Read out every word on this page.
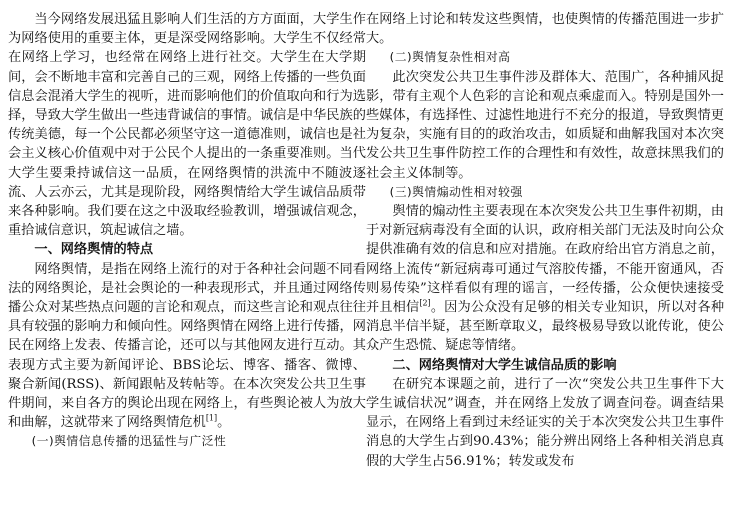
当今网络发展迅猛且影响人们生活的方方面面，大学生作为网络使用的重要主体，更是深受网络影响。大学生不仅经常在网络上学习，也经常在网络上进行社交。大学生在大学期间，会不断地丰富和完善自己的三观，网络上传播的一些负面信息会混淆大学生的视听，进而影响他们的价值取向和行为选择，导致大学生做出一些违背诚信的事情。诚信是中华民族的传统美德，每一个公民都必须坚守这一道德准则，诚信也是社会主义核心价值观中对于公民个人提出的一条重要准则。当代大学生要秉持诚信这一品质，在网络舆情的洪流中不随波逐流、人云亦云，尤其是现阶段，网络舆情给大学生诚信品质带来各种影响。我们要在这之中汲取经验教训，增强诚信观念，重拾诚信意识，筑起诚信之墙。

一、网络舆情的特点

网络舆情，是指在网络上流行的对于各种社会问题不同看法的网络舆论，是社会舆论的一种表现形式，并且通过网络传播公众对某些热点问题的言论和观点，而这些言论和观点往往具有较强的影响力和倾向性。网络舆情在网络上进行传播，网民在网络上发表、传播言论，还可以与其他网友进行互动。其表现方式主要为新闻评论、BBS论坛、博客、播客、微博、聚合新闻(RSS)、新闻跟帖及转帖等。在本次突发公共卫生事件期间，来自各方的舆论出现在网络上，有些舆论被人为放大和曲解，这就带来了网络舆情危机[1]。

(一)舆情信息传播的迅猛性与广泛性

在网络上讨论和转发这些舆情，也使舆情的传播范围进一步扩大。

(二)舆情复杂性相对高

此次突发公共卫生事件涉及群体大、范围广，各种捕风捉影，带有主观个人色彩的言论和观点乘虚而入。特别是国外一些媒体，有选择性、过滤性地进行不充分的报道，导致舆情更为复杂，实施有目的的政治攻击，如质疑和曲解我国对本次突发公共卫生事件防控工作的合理性和有效性，故意抹黑我们的社会主义体制等。

(三)舆情煽动性相对较强

舆情的煽动性主要表现在本次突发公共卫生事件初期，由于对新冠病毒没有全面的认识，政府相关部门无法及时向公众提供准确有效的信息和应对措施。在政府给出官方消息之前，网络上流传“新冠病毒可通过气溶胶传播，不能开窗通风，否则易传染”这样看似有理的谣言，一经传播，公众便快速接受并且相信[2]。因为公众没有足够的相关专业知识，所以对各种消息半信半疑，甚至断章取义，最终极易导致以讹传讹，使公众产生恐慌、疑虑等情绪。

二、网络舆情对大学生诚信品质的影响

在研究本课题之前，进行了一次“突发公共卫生事件下大学生诚信状况”调查，并在网络上发放了调查问卷。调查结果显示，在网络上看到过未经证实的关于本次突发公共卫生事件消息的大学生占到90.43%；能分辨出网络上各种相关消息真假的大学生占56.91%；转发或发布
